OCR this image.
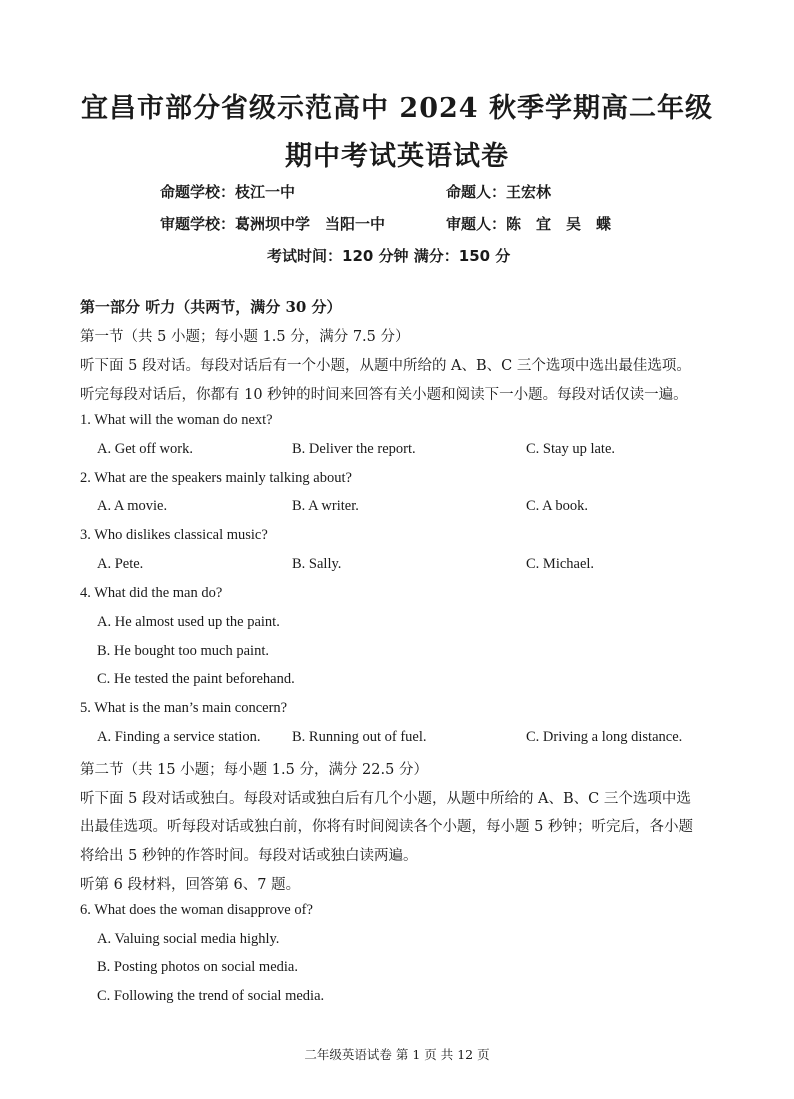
宜昌市部分省级示范高中 2024 秋季学期高二年级
期中考试英语试卷
命题学校：枝江一中	命题人：王宏林
审题学校：葛洲坝中学　当阳一中	审题人：陈　宜　吴　蝶
考试时间：120 分钟 满分：150 分
第一部分 听力（共两节，满分 30 分）
第一节（共 5 小题；每小题 1.5 分，满分 7.5 分）
听下面 5 段对话。每段对话后有一个小题，从题中所给的 A、B、C 三个选项中选出最佳选项。
听完每段对话后，你都有 10 秒钟的时间来回答有关小题和阅读下一小题。每段对话仅读一遍。
1. What will the woman do next?
A. Get off work.	B. Deliver the report.	C. Stay up late.
2. What are the speakers mainly talking about?
A. A movie.	B. A writer.	C. A book.
3. Who dislikes classical music?
A. Pete.	B. Sally.	C. Michael.
4. What did the man do?
A. He almost used up the paint.
B. He bought too much paint.
C. He tested the paint beforehand.
5. What is the man’s main concern?
A. Finding a service station. B. Running out of fuel.	C. Driving a long distance.
第二节（共 15 小题；每小题 1.5 分，满分 22.5 分）
听下面 5 段对话或独白。每段对话或独白后有几个小题，从题中所给的 A、B、C 三个选项中选
出最佳选项。听每段对话或独白前，你将有时间阅读各个小题，每小题 5 秒钟；听完后，各小题
将给出 5 秒钟的作答时间。每段对话或独白读两遍。
听第 6 段材料，回答第 6、7 题。
6. What does the woman disapprove of?
A. Valuing social media highly.
B. Posting photos on social media.
C. Following the trend of social media.
二年级英语试卷 第 1 页 共 12 页
